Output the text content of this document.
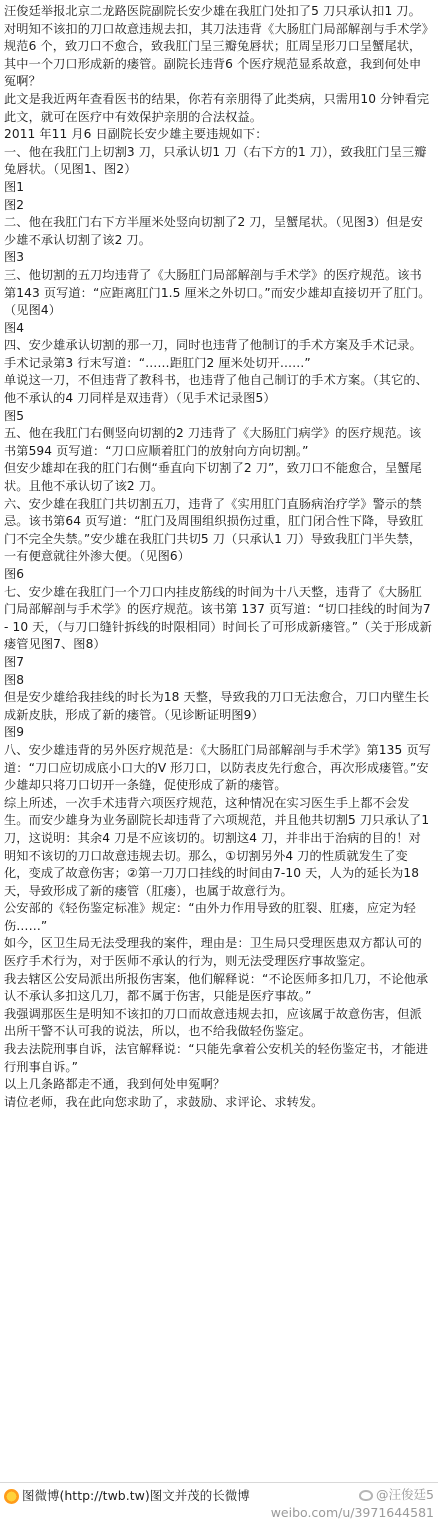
汪俊廷举报北京二龙路医院副院长安少雄在我肛门处扣了5 刀只承认扣1 刀。对明知不该扣的刀口故意违规去扣，其刀法违背《大肠肛门局部解剖与手术学》规范6 个，致刀口不愈合，致我肛门呈三瓣兔唇状；肛周呈形刀口呈蟹尾状，其中一个刀口形成新的瘘管。副院长违背6 个医疗规范显系故意，我到何处申冤啊？

此文是我近两年查看医书的结果，你若有亲朋得了此类病，只需用10 分钟看完此文，就可在医疗中有效保护亲朋的合法权益。

2011 年11 月6 日副院长安少雄主要违规如下：

一、他在我肛门上切割3 刀，只承认切1 刀（右下方的1 刀），致我肛门呈三瓣兔唇状。（见图1、图2）

图1

图2

二、他在我肛门右下方半厘米处竖向切割了2 刀，呈蟹尾状。（见图3）但是安少雄不承认切割了该2 刀。

图3

三、他切割的五刀均违背了《大肠肛门局部解剖与手术学》的医疗规范。该书第143 页写道：“应距离肛门1.5 厘米之外切口。”而安少雄却直接切开了肛门。（见图4）

图4

四、安少雄承认切割的那一刀，同时也违背了他制订的手术方案及手术记录。手术记录第3 行末写道：“……距肛门2 厘米处切开……”

单说这一刀，不但违背了教科书，也违背了他自己制订的手术方案。（其它的、他不承认的4 刀同样是双违背）（见手术记录图5）

图5

五、他在我肛门右侧竖向切割的2 刀违背了《大肠肛门病学》的医疗规范。该书第594 页写道：“刀口应顺着肛门的放射向方向切割。”

但安少雄却在我的肛门右侧“垂直向下切割了2 刀”，致刀口不能愈合，呈蟹尾状。且他不承认切了该2 刀。

六、安少雄在我肛门共切割五刀，违背了《实用肛门直肠病治疗学》警示的禁忌。该书第64 页写道：“肛门及周围组织损伤过重，肛门闭合性下降，导致肛门不完全失禁。”安少雄在我肛门共切5 刀（只承认1 刀）导致我肛门半失禁，一有便意就往外渗大便。（见图6）

图6

七、安少雄在我肛门一个刀口内挂皮筋线的时间为十八天整，违背了《大肠肛门局部解剖与手术学》的医疗规范。该书第 137 页写道：“切口挂线的时间为7 - 10 天，（与刀口缝针拆线的时限相同）时间长了可形成新瘘管。”（关于形成新瘘管见图7、图8）

图7

图8

但是安少雄给我挂线的时长为18 天整，导致我的刀口无法愈合，刀口内壁生长成新皮肤，形成了新的瘘管。（见诊断证明图9）

图9

八、安少雄违背的另外医疗规范是：《大肠肛门局部解剖与手术学》第135 页写道：“刀口应切成底小口大的V 形刀口，以防表皮先行愈合，再次形成瘘管。”安少雄却只将刀口切开一条缝，促使形成了新的瘘管。

综上所述，一次手术违背六项医疗规范，这种情况在实习医生手上都不会发生。而安少雄身为业务副院长却违背了六项规范，并且他共切割5 刀只承认了1 刀，这说明：其余4 刀是不应该切的。切割这4 刀，并非出于治病的目的！对明知不该切的刀口故意违规去切。那么，①切割另外4 刀的性质就发生了变化，变成了故意伤害；②第一刀刀口挂线的时间由7-10 天，人为的延长为18 天，导致形成了新的瘘管（肛瘘），也属于故意行为。

公安部的《轻伤鉴定标准》规定：“由外力作用导致的肛裂、肛瘘，应定为轻伤……”

如今，区卫生局无法受理我的案件，理由是：卫生局只受理医患双方都认可的医疗手术行为，对于医师不承认的行为，则无法受理医疗事故鉴定。

我去辖区公安局派出所报伤害案，他们解释说：“不论医师多扣几刀，不论他承认不承认多扣这几刀，都不属于伤害，只能是医疗事故。”

我强调那医生是明知不该扣的刀口而故意违规去扣，应该属于故意伤害，但派出所干警不认可我的说法，所以，也不给我做轻伤鉴定。

我去法院刑事自诉，法官解释说：“只能先拿着公安机关的轻伤鉴定书，才能进行刑事自诉。”

以上几条路都走不通，我到何处申冤啊？

请位老师，我在此向您求助了，求鼓励、求评论、求转发。

图微博(http://twb.tw)图文并茂的长微博	@汪俊廷5
weibo.com/u/3971644581
